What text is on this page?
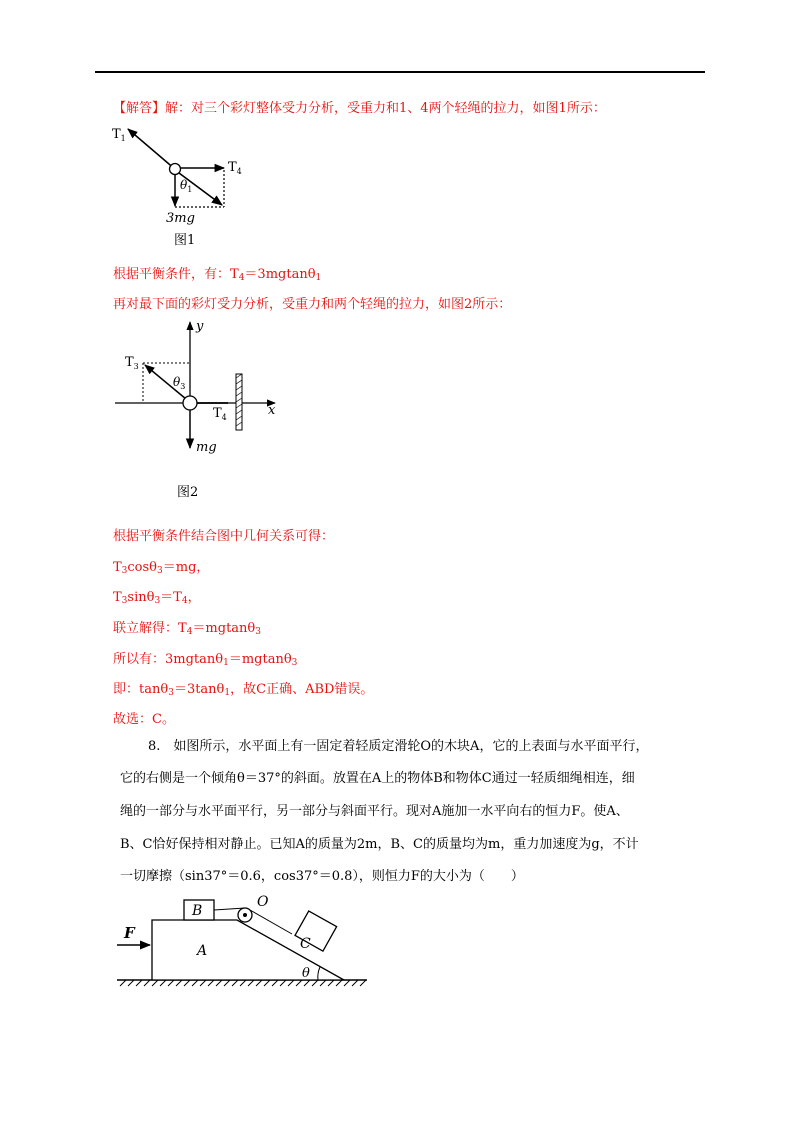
【解答】解：对三个彩灯整体受力分析，受重力和1、4两个轻绳的拉力，如图1所示：
$T_1$
$T_4$
$\theta_1$
3mg
图1
根据平衡条件，有：$T_4=3mgtan\theta_1$
再对最下面的彩灯受力分析，受重力和两个轻绳的拉力，如图2所示：
y
x
$T_3$
$\theta_3$
$T_4$
mg
图2
根据平衡条件结合图中几何关系可得：
$T_3\cos\theta_3=mg$，
$T_3\sin\theta_3=T_4$，
联立解得：$T_4=mgtan\theta_3$
所以有：3mgtanθ$_1$＝mgtanθ$_3$
即：tanθ$_3$＝3tanθ$_1$，故C正确、ABD错误。
故选：C。
8.　如图所示，水平面上有一固定着轻质定滑轮O的木块A，它的上表面与水平面平行，
它的右侧是一个倾角θ＝37°的斜面。放置在A上的物体B和物体C通过一轻质细绳相连，细
绳的一部分与水平面平行，另一部分与斜面平行。现对A施加一水平向右的恒力F。使A、
B、C恰好保持相对静止。已知A的质量为2m，B、C的质量均为m，重力加速度为g，不计
一切摩擦（sin37°＝0.6，cos37°＝0.8），则恒力F的大小为（　　）
F
A
B
C
O
θ
